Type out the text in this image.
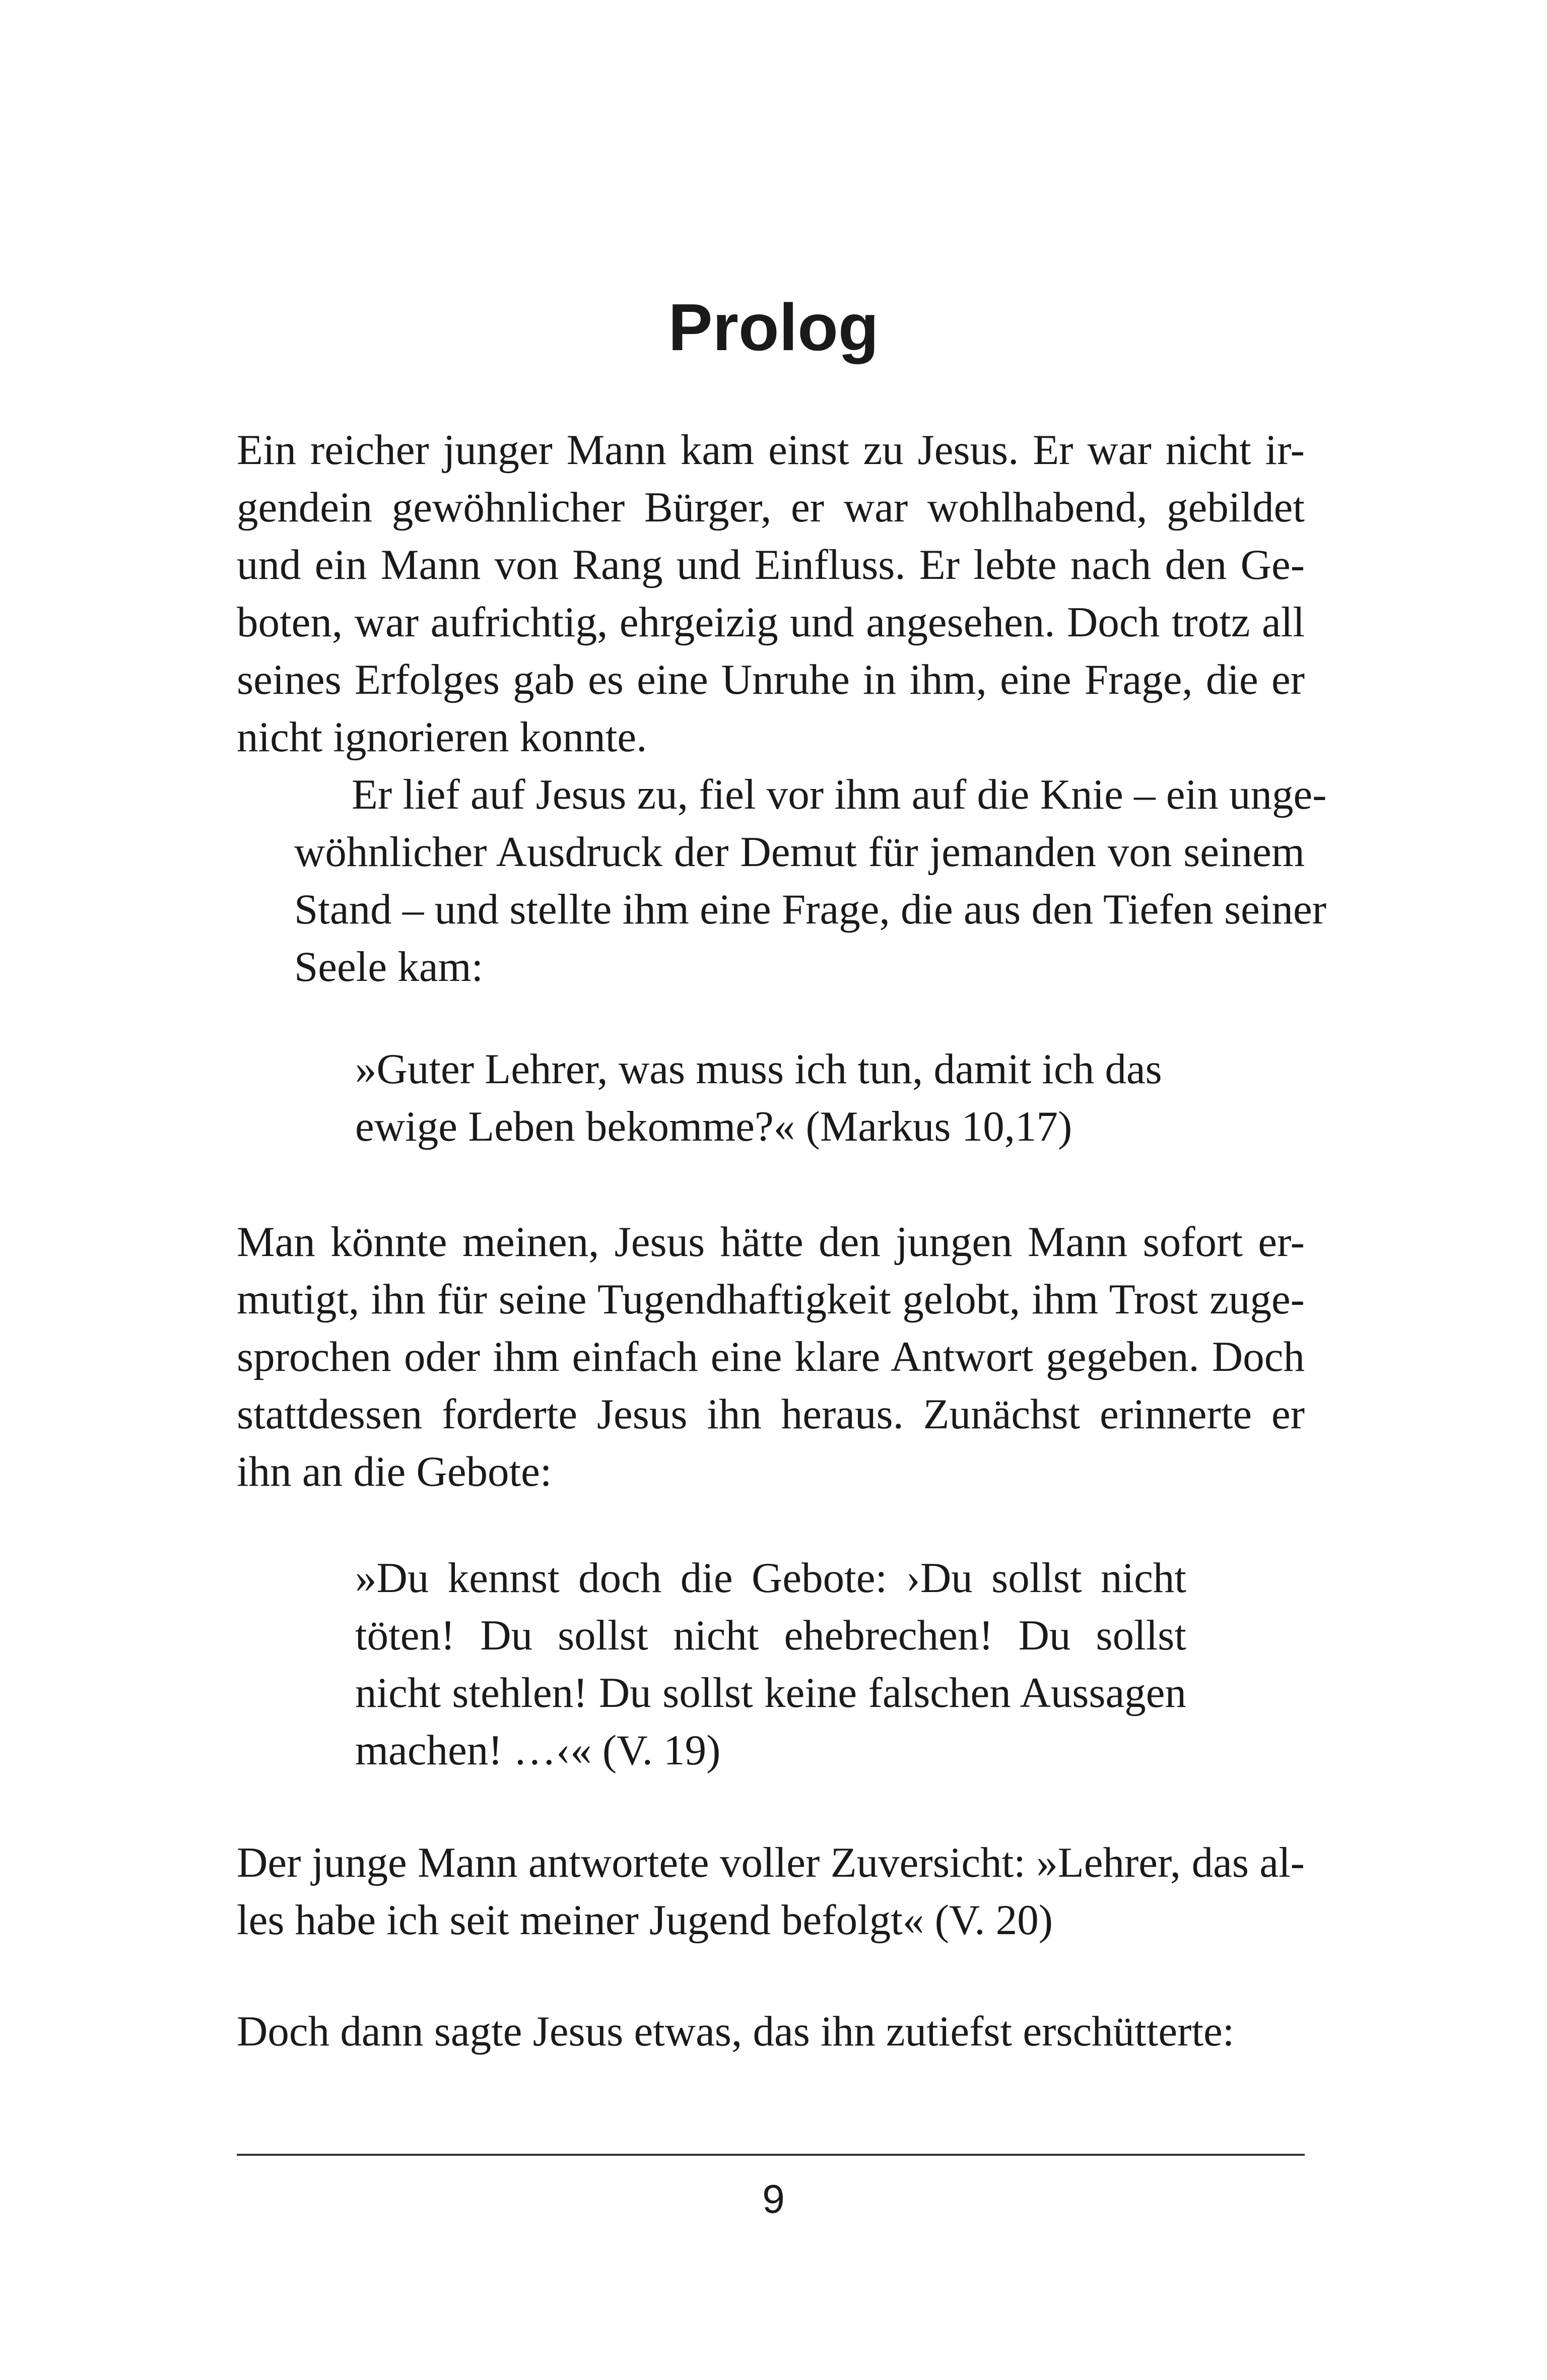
Prolog
Ein reicher junger Mann kam einst zu Jesus. Er war nicht ir-
gendein gewöhnlicher Bürger, er war wohlhabend, gebildet
und ein Mann von Rang und Einfluss. Er lebte nach den Ge-
boten, war aufrichtig, ehrgeizig und angesehen. Doch trotz all
seines Erfolges gab es eine Unruhe in ihm, eine Frage, die er
nicht ignorieren konnte.
Er lief auf Jesus zu, fiel vor ihm auf die Knie – ein unge-
wöhnlicher Ausdruck der Demut für jemanden von seinem
Stand – und stellte ihm eine Frage, die aus den Tiefen seiner
Seele kam:
»Guter Lehrer, was muss ich tun, damit ich das
ewige Leben bekomme?« (Markus 10,17)
Man könnte meinen, Jesus hätte den jungen Mann sofort er-
mutigt, ihn für seine Tugendhaftigkeit gelobt, ihm Trost zuge-
sprochen oder ihm einfach eine klare Antwort gegeben. Doch
stattdessen forderte Jesus ihn heraus. Zunächst erinnerte er
ihn an die Gebote:
»Du kennst doch die Gebote: ›Du sollst nicht
töten! Du sollst nicht ehebrechen! Du sollst
nicht stehlen! Du sollst keine falschen Aussagen
machen! …‹« (V. 19)
Der junge Mann antwortete voller Zuversicht: »Lehrer, das al-
les habe ich seit meiner Jugend befolgt« (V. 20)
Doch dann sagte Jesus etwas, das ihn zutiefst erschütterte:
9
